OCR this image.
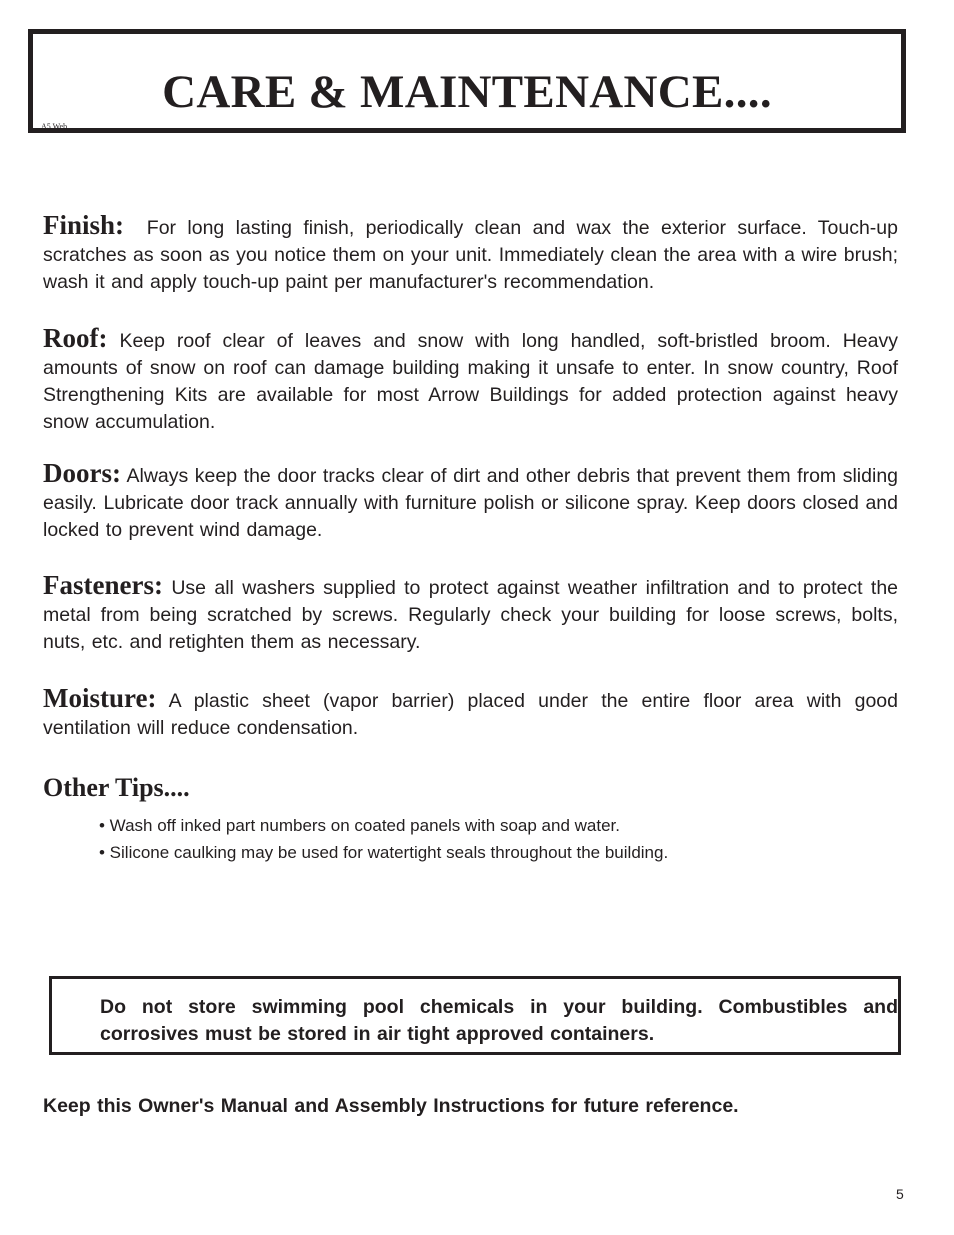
CARE & MAINTENANCE....
A5 Web
Finish: For long lasting finish, periodically clean and wax the exterior surface. Touch-up scratches as soon as you notice them on your unit. Immediately clean the area with a wire brush; wash it and apply touch-up paint per manufacturer's recommendation.
Roof: Keep roof clear of leaves and snow with long handled, soft-bristled broom. Heavy amounts of snow on roof can damage building making it unsafe to enter. In snow country, Roof Strengthening Kits are available for most Arrow Buildings for added protection against heavy snow accumulation.
Doors: Always keep the door tracks clear of dirt and other debris that prevent them from sliding easily. Lubricate door track annually with furniture polish or silicone spray. Keep doors closed and locked to prevent wind damage.
Fasteners: Use all washers supplied to protect against weather infiltration and to protect the metal from being scratched by screws. Regularly check your building for loose screws, bolts, nuts, etc. and retighten them as necessary.
Moisture: A plastic sheet (vapor barrier) placed under the entire floor area with good ventilation will reduce condensation.
Other Tips....
• Wash off inked part numbers on coated panels with soap and water.
• Silicone caulking may be used for watertight seals throughout the building.
Do not store swimming pool chemicals in your building. Combustibles and corrosives must be stored in air tight approved containers.
Keep this Owner's Manual and Assembly Instructions for future reference.
5
